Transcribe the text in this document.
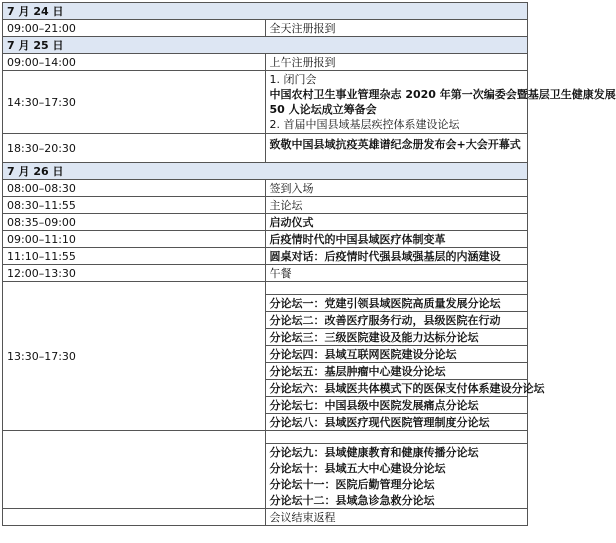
7 月 24 日	
09:00–21:00	全天注册报到
7 月 25 日	
09:00–14:00	上午注册报到
14:30–17:30	1. 闭门会
中国农村卫生事业管理杂志 2020 年第一次编委会暨基层卫生健康发展
50 人论坛成立筹备会
2. 首届中国县域基层疾控体系建设论坛

18:30–20:30	致敬中国县域抗疫英雄谱纪念册发布会+大会开幕式
7 月 26 日	
08:00–08:30	签到入场
08:30–11:55	主论坛
08:35–09:00	启动仪式
09:00–11:10	后疫情时代的中国县域医疗体制变革
11:10–11:55	圆桌对话：后疫情时代强县域强基层的内涵建设
12:00–13:30	午餐
13:30–17:30	
	分论坛一：党建引领县域医院高质量发展分论坛
	分论坛二：改善医疗服务行动，县级医院在行动
	分论坛三：三级医院建设及能力达标分论坛
	分论坛四：县域互联网医院建设分论坛
	分论坛五：基层肿瘤中心建设分论坛
	分论坛六：县域医共体模式下的医保支付体系建设分论坛
	分论坛七：中国县级中医院发展痛点分论坛
	分论坛八：县域医疗现代医院管理制度分论坛

	分论坛九：县域健康教育和健康传播分论坛
	分论坛十：县域五大中心建设分论坛
	分论坛十一：医院后勤管理分论坛
	分论坛十二：县域急诊急救分论坛
	会议结束返程
